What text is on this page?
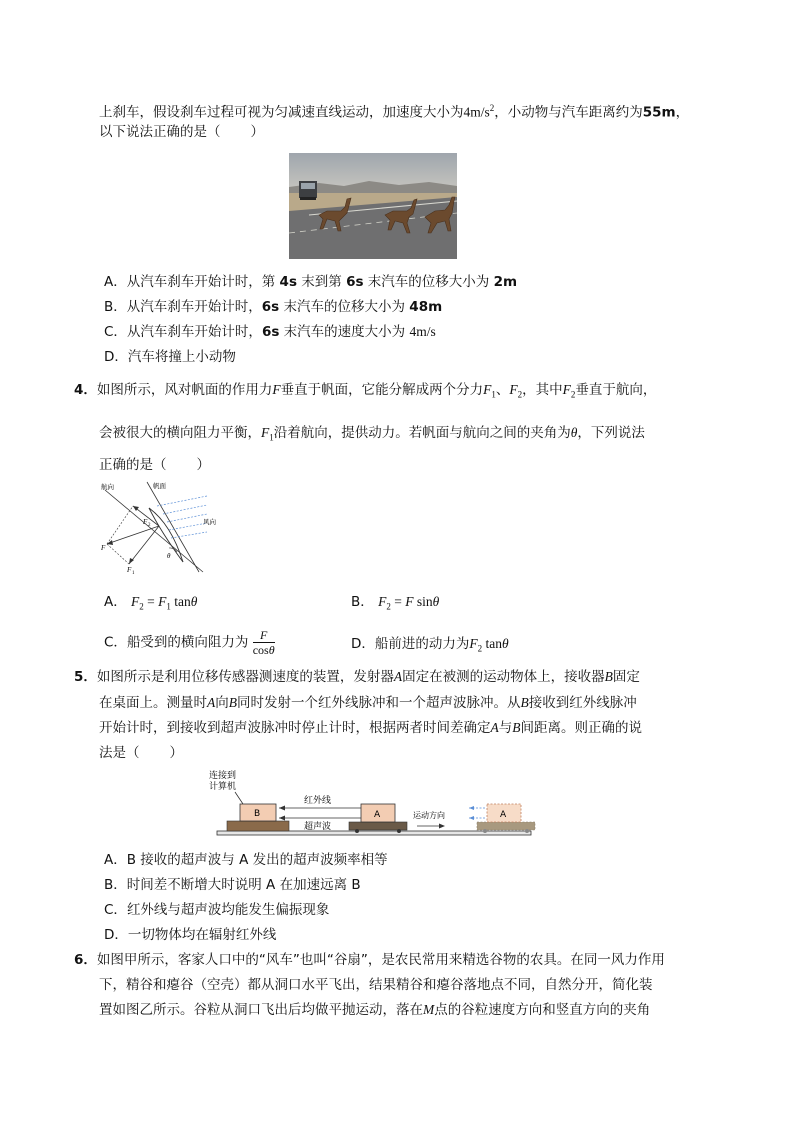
上刹车，假设刹车过程可视为匀减速直线运动，加速度大小为$4m/s^2$，小动物与汽车距离约为55m，
以下说法正确的是（ ）
A．从汽车刹车开始计时，第 4s 末到第 6s 末汽车的位移大小为 2m
B．从汽车刹车开始计时，6s 末汽车的位移大小为 48m
C．从汽车刹车开始计时，6s 末汽车的速度大小为 4m/s
D．汽车将撞上小动物
4．如图所示，风对帆面的作用力F垂直于帆面，它能分解成两个分力$F_1$、$F_2$，其中$F_2$垂直于航向，
会被很大的横向阻力平衡，$F_1$沿着航向，提供动力。若帆面与航向之间的夹角为θ，下列说法
正确的是（ ）
航向	帆面
风向
F
F 1
F 2
θ
A． $F_2 = F_1$ tanθ	B． $F_2 = F$ sinθ
C．船受到的横向阻力为 $\frac{F}{\cos\theta}$	D．船前进的动力为$F_2$ tanθ
5．如图所示是利用位移传感器测速度的装置，发射器A固定在被测的运动物体上，接收器B固定
在桌面上。测量时A向B同时发射一个红外线脉冲和一个超声波脉冲。从B接收到红外线脉冲
开始计时，到接收到超声波脉冲时停止计时，根据两者时间差确定A与B间距离。则正确的说
法是（ ）
连接到
计算机
B
红外线
超声波
A	运动方向	A
A．B 接收的超声波与 A 发出的超声波频率相等
B．时间差不断增大时说明 A 在加速远离 B
C．红外线与超声波均能发生偏振现象
D．一切物体均在辐射红外线
6．如图甲所示，客家人口中的“风车”也叫“谷扇”，是农民常用来精选谷物的农具。在同一风力作用
下，精谷和瘪谷（空壳）都从洞口水平飞出，结果精谷和瘪谷落地点不同，自然分开，简化装
置如图乙所示。谷粒从洞口飞出后均做平抛运动，落在M点的谷粒速度方向和竖直方向的夹角
